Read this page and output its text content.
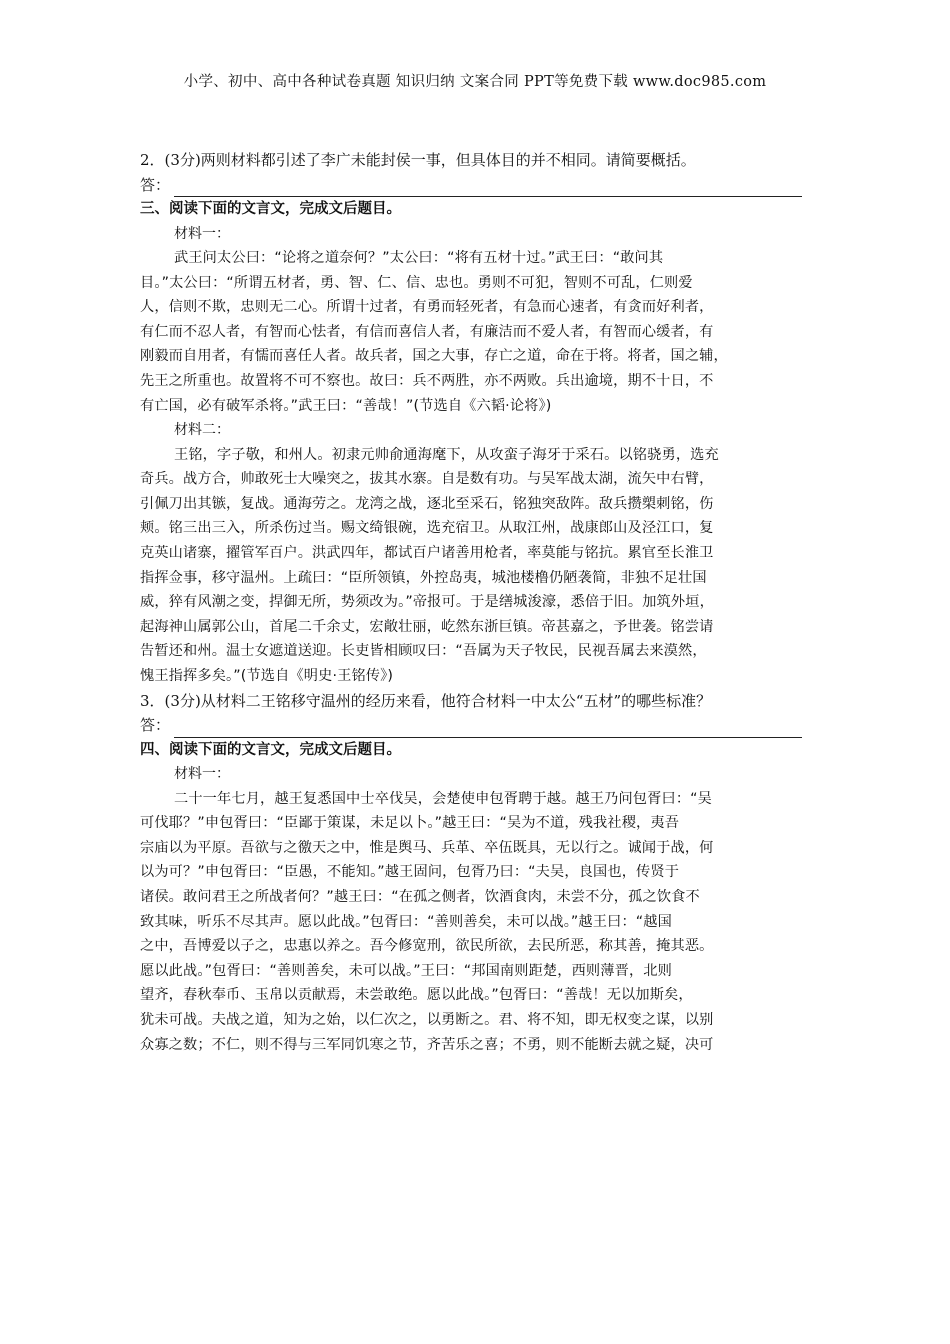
小学、初中、高中各种试卷真题 知识归纳 文案合同 PPT等免费下载 www.doc985.com
2．(3分)两则材料都引述了李广未能封侯一事，但具体目的并不相同。请简要概括。
答：
三、阅读下面的文言文，完成文后题目。
材料一：
武王问太公曰：“论将之道奈何？”太公曰：“将有五材十过。”武王曰：“敢问其
目。”太公曰：“所谓五材者，勇、智、仁、信、忠也。勇则不可犯，智则不可乱，仁则爱
人，信则不欺，忠则无二心。所谓十过者，有勇而轻死者，有急而心速者，有贪而好利者，
有仁而不忍人者，有智而心怯者，有信而喜信人者，有廉洁而不爱人者，有智而心缓者，有
刚毅而自用者，有懦而喜任人者。故兵者，国之大事，存亡之道，命在于将。将者，国之辅，
先王之所重也。故置将不可不察也。故曰：兵不两胜，亦不两败。兵出逾境，期不十日，不
有亡国，必有破军杀将。”武王曰：“善哉！”(节选自《六韬·论将》)
材料二：
王铭，字子敬，和州人。初隶元帅俞通海麾下，从攻蛮子海牙于采石。以铭骁勇，选充
奇兵。战方合，帅敢死士大噪突之，拔其水寨。自是数有功。与吴军战太湖，流矢中右臂，
引佩刀出其镞，复战。通海劳之。龙湾之战，逐北至采石，铭独突敌阵。敌兵攒槊刺铭，伤
颊。铭三出三入，所杀伤过当。赐文绮银碗，选充宿卫。从取江州，战康郎山及泾江口，复
克英山诸寨，擢管军百户。洪武四年，都试百户诸善用枪者，率莫能与铭抗。累官至长淮卫
指挥佥事，移守温州。上疏曰：“臣所领镇，外控岛夷，城池楼橹仍陋袭简，非独不足壮国
威，猝有风潮之变，捍御无所，势须改为。”帝报可。于是缮城浚濠，悉倍于旧。加筑外垣，
起海神山属郭公山，首尾二千余丈，宏敞壮丽，屹然东浙巨镇。帝甚嘉之，予世袭。铭尝请
告暂还和州。温士女遮道送迎。长吏皆相顾叹曰：“吾属为天子牧民，民视吾属去来漠然，
愧王指挥多矣。”(节选自《明史·王铭传》)
3．(3分)从材料二王铭移守温州的经历来看，他符合材料一中太公“五材”的哪些标准？
答：
四、阅读下面的文言文，完成文后题目。
材料一：
二十一年七月，越王复悉国中士卒伐吴，会楚使申包胥聘于越。越王乃问包胥曰：“吴
可伐耶？”申包胥曰：“臣鄙于策谋，未足以卜。”越王曰：“吴为不道，残我社稷，夷吾
宗庙以为平原。吾欲与之徼天之中，惟是舆马、兵革、卒伍既具，无以行之。诚闻于战，何
以为可？”申包胥曰：“臣愚，不能知。”越王固问，包胥乃曰：“夫吴，良国也，传贤于
诸侯。敢问君王之所战者何？”越王曰：“在孤之侧者，饮酒食肉，未尝不分，孤之饮食不
致其味，听乐不尽其声。愿以此战。”包胥曰：“善则善矣，未可以战。”越王曰：“越国
之中，吾博爱以子之，忠惠以养之。吾今修宽刑，欲民所欲，去民所恶，称其善，掩其恶。
愿以此战。”包胥曰：“善则善矣，未可以战。”王曰：“邦国南则距楚，西则薄晋，北则
望齐，春秋奉币、玉帛以贡献焉，未尝敢绝。愿以此战。”包胥曰：“善哉！无以加斯矣，
犹未可战。夫战之道，知为之始，以仁次之，以勇断之。君、将不知，即无权变之谋，以别
众寡之数；不仁，则不得与三军同饥寒之节，齐苦乐之喜；不勇，则不能断去就之疑，决可
